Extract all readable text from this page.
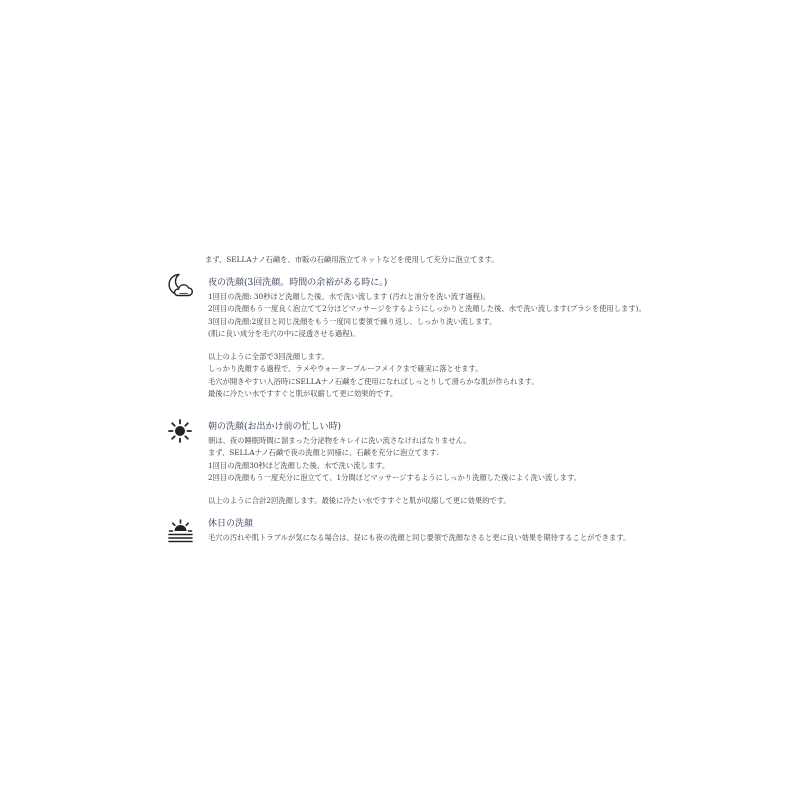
まず、SELLAナノ石鹸を、市販の石鹸用泡立てネットなどを使用して充分に泡立てます。
夜の洗顔(3回洗顔。時間の余裕がある時に。)
1回目の洗顔: 30秒ほど洗顔した後、水で洗い流します (汚れと油分を洗い流す過程)。
2回目の洗顔もう一度良く泡立てて2分ほどマッサージをするようにしっかりと洗顔した後、水で洗い流します(ブラシを使用します)。
3回目の洗顔:2度目と同じ洗顔をもう一度同じ要領で繰り返し、しっかり洗い流します。
(肌に良い成分を毛穴の中に浸透させる過程)。
以上のように全部で3回洗顔します。
しっかり洗顔する過程で、ラメやウォータープルーフメイクまで確実に落とせます。
毛穴が開きやすい入浴時にSELLAナノ石鹸をご使用になればしっとりして滑らかな肌が作られます。
最後に冷たい水ですすぐと肌が収縮して更に効果的です。
朝の洗顔(お出かけ前の忙しい時)
朝は、夜の睡眠時間に溜まった分泌物をキレイに洗い流さなければなりません。
まず、SELLAナノ石鹸で夜の洗顔と同様に、石鹸を充分に泡立てます.
1回目の洗顔30秒ほど洗顔した後、水で洗い流します。
2回目の洗顔もう一度充分に泡立てて、1分間ほどマッサージするようにしっかり洗顔した後によく洗い流します。
以上のように合計2回洗顔します。最後に冷たい水ですすぐと肌が収縮して更に効果的です。
休日の洗顔
毛穴の汚れや肌トラブルが気になる場合は、昼にも夜の洗顔と同じ要領で洗顔なさると更に良い効果を期待することができます。
